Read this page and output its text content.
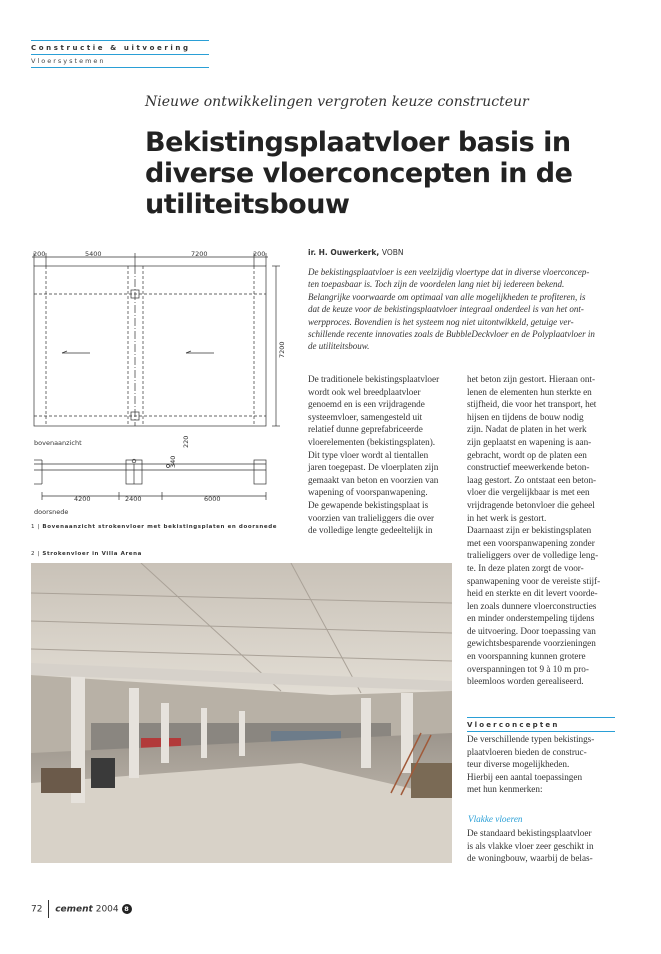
Constructie & uitvoering
Vloersystemen
Nieuwe ontwikkelingen vergroten keuze constructeur
Bekistingsplaatvloer basis in
diverse vloerconcepten in de
utiliteitsbouw
ir. H. Ouwerkerk, VOBN
De bekistingsplaatvloer is een veelzijdig vloertype dat in diverse vloerconcep-
ten toepasbaar is. Toch zijn de voordelen lang niet bij iedereen bekend.
Belangrijke voorwaarde om optimaal van alle mogelijkheden te profiteren, is
dat de keuze voor de bekistingsplaatvloer integraal onderdeel is van het ont-
werpproces. Bovendien is het systeem nog niet uitontwikkeld, getuige ver-
schillende recente innovaties zoals de BubbleDeckvloer en de Polyplaatvloer in
de utiliteitsbouw.

De traditionele bekistingsplaatvloer

wordt ook wel breedplaatvloer

genoemd en is een vrijdragende

systeemvloer, samengesteld uit

relatief dunne geprefabriceerde

vloerelementen (bekistingsplaten).

Dit type vloer wordt al tientallen

jaren toegepast. De vloerplaten zijn

gemaakt van beton en voorzien van

wapening of voorspanwapening.

De gewapende bekistingsplaat is

voorzien van tralieliggers die over

de volledige lengte gedeeltelijk in

het beton zijn gestort. Hieraan ont-

lenen de elementen hun sterkte en

stijfheid, die voor het transport, het

hijsen en tijdens de bouw nodig

zijn. Nadat de platen in het werk

zijn geplaatst en wapening is aan-

gebracht, wordt op de platen een

constructief meewerkende beton-

laag gestort. Zo ontstaat een beton-

vloer die vergelijkbaar is met een

vrijdragende betonvloer die geheel

in het werk is gestort.

Daarnaast zijn er bekistingsplaten

met een voorspanwapening zonder

tralieliggers over de volledige leng-

te. In deze platen zorgt de voor-

spanwapening voor de vereiste stijf-

heid en sterkte en dit levert voorde-

len zoals dunnere vloerconstructies

en minder onderstempeling tijdens

de uitvoering. Door toepassing van

gewichtsbesparende voorzieningen

en voorspanning kunnen grotere

overspanningen tot 9 à 10 m pro-

bleemloos worden gerealiseerd.

Vloerconcepten

De verschillende typen bekistings-

plaatvloeren bieden de construc-

teur diverse mogelijkheden.

Hierbij een aantal toepassingen

met hun kenmerken:

Vlakke vloeren

De standaard bekistingsplaatvloer

is als vlakke vloer zeer geschikt in

de woningbouw, waarbij de belas-

200	5400	7200	200
7200
bovenaanzicht
340
220
4200	2400	6000
doorsnede
1 | Bovenaanzicht strokenvloer met bekistingsplaten en doorsnede
2 | Strokenvloer in Villa Arena
72 cement 2004 8
